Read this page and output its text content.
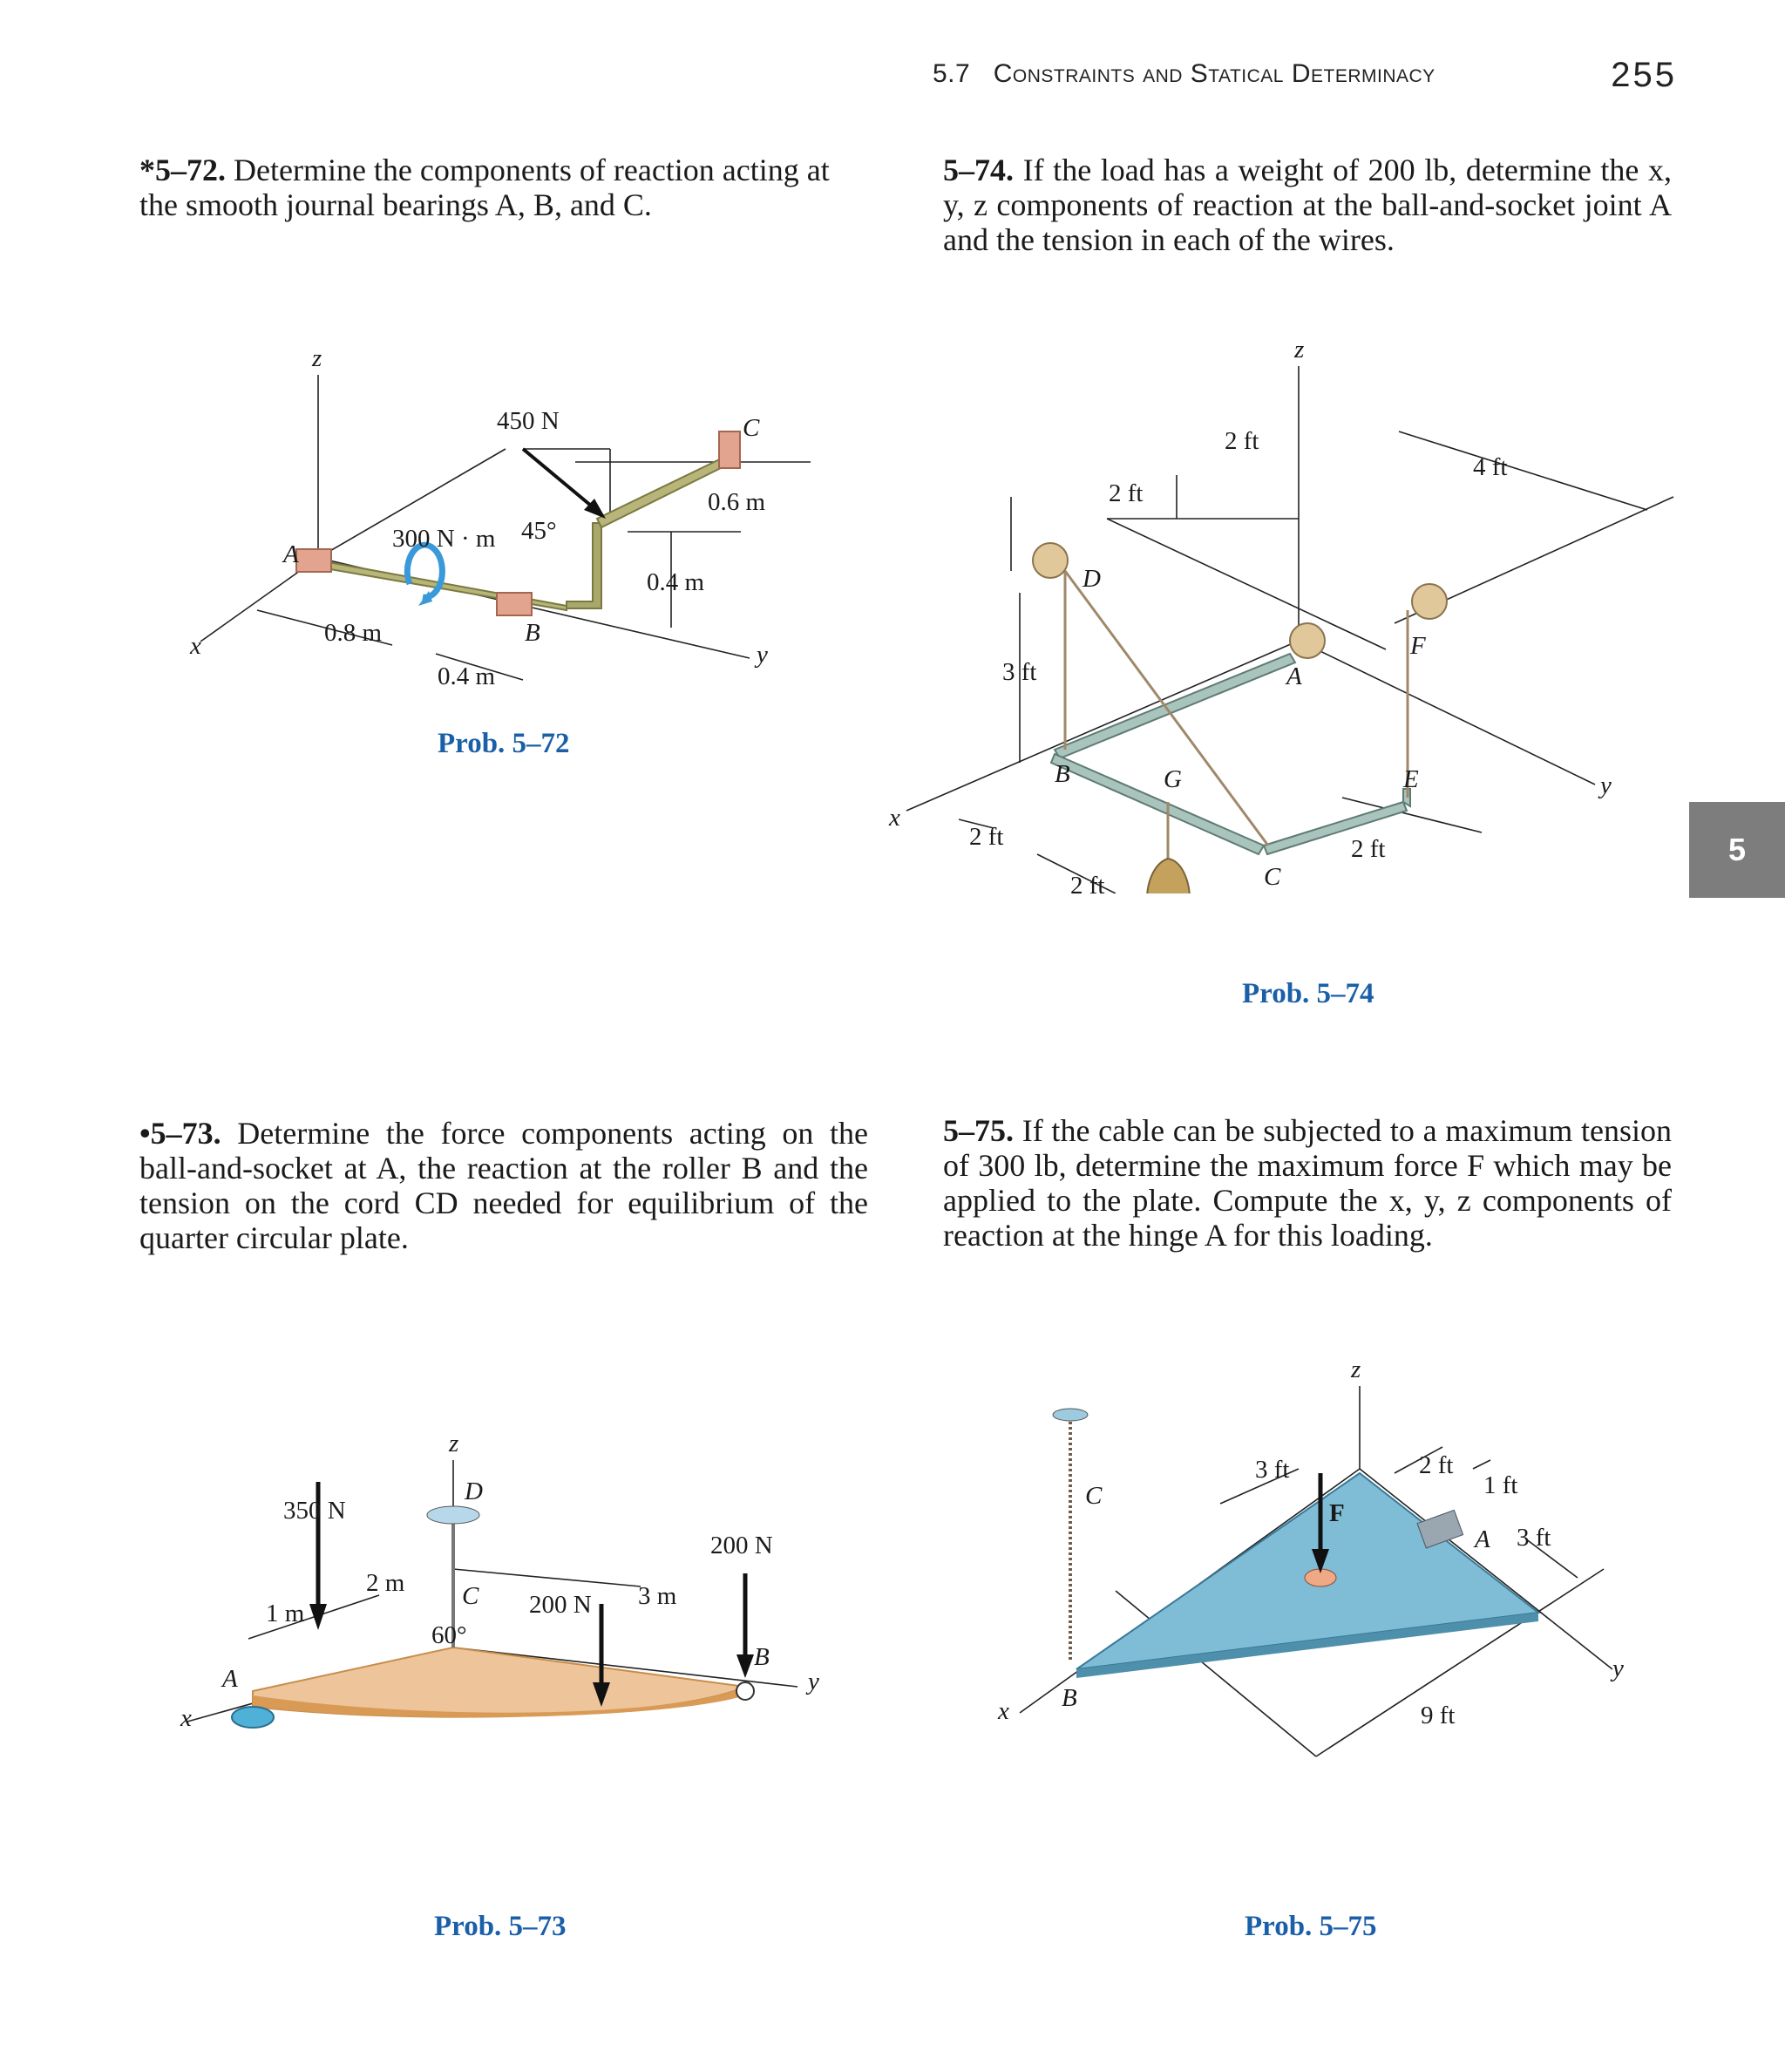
5.7 Constraints and Statical Determinacy	255
5
*5–72. Determine the components of reaction acting at the smooth journal bearings A, B, and C.
5–74. If the load has a weight of 200 lb, determine the x, y, z components of reaction at the ball-and-socket joint A and the tension in each of the wires.
•5–73. Determine the force components acting on the ball-and-socket at A, the reaction at the roller B and the tension on the cord CD needed for equilibrium of the quarter circular plate.
5–75. If the cable can be subjected to a maximum tension of 300 lb, determine the maximum force F which may be applied to the plate. Compute the x, y, z components of reaction at the hinge A for this loading.
Prob. 5–72
Prob. 5–74
Prob. 5–73	Prob. 5–75
z
x	y
A
B
C
450 N
0.6 m
300 N · m 45°
0.4 m
0.8 m
0.4 m
z
2 ft
4 ft
2 ft
D
3 ft	A
F
B	G	E
x
y
2 ft	2 ft
C
2 ft
z
D
350 N
200 N
2 m C 200 N 3 m
1 m
60°
B
A
x
y
z
3 ft	2 ft
1 ft
C
F
A 3 ft
B
x
y
9 ft
